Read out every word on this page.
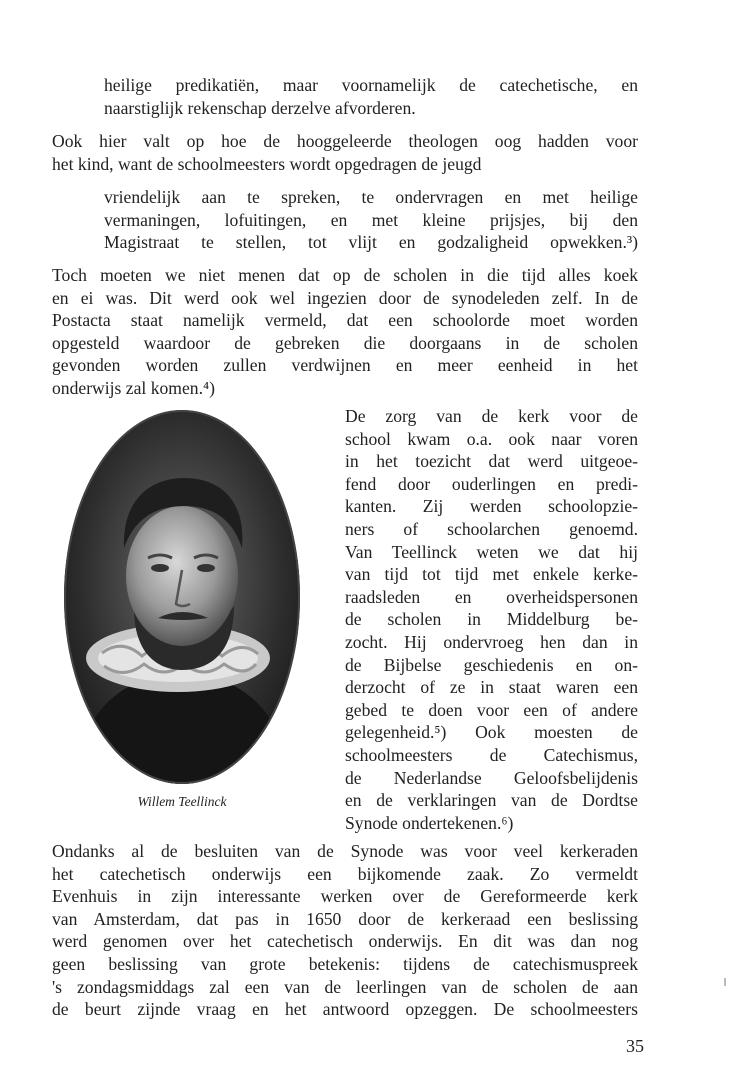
heilige predikatiën, maar voornamelijk de catechetische, en
naarstiglijk rekenschap derzelve afvorderen.
Ook hier valt op hoe de hooggeleerde theologen oog hadden voor
het kind, want de schoolmeesters wordt opgedragen de jeugd
vriendelijk aan te spreken, te ondervragen en met heilige
vermaningen, lofuitingen, en met kleine prijsjes, bij den
Magistraat te stellen, tot vlijt en godzaligheid opwekken.³)
Toch moeten we niet menen dat op de scholen in die tijd alles koek
en ei was. Dit werd ook wel ingezien door de synodeleden zelf. In de
Postacta staat namelijk vermeld, dat een schoolorde moet worden
opgesteld waardoor de gebreken die doorgaans in de scholen
gevonden worden zullen verdwijnen en meer eenheid in het
onderwijs zal komen.⁴)
Willem Teellinck
De zorg van de kerk voor de
school kwam o.a. ook naar voren
in het toezicht dat werd uitgeoe-
fend door ouderlingen en predi-
kanten. Zij werden schoolopzie-
ners of schoolarchen genoemd.
Van Teellinck weten we dat hij
van tijd tot tijd met enkele kerke-
raadsleden en overheidspersonen
de scholen in Middelburg be-
zocht. Hij ondervroeg hen dan in
de Bijbelse geschiedenis en on-
derzocht of ze in staat waren een
gebed te doen voor een of andere
gelegenheid.⁵) Ook moesten de
schoolmeesters de Catechismus,
de Nederlandse Geloofsbelijdenis
en de verklaringen van de Dordtse
Synode ondertekenen.⁶)
Ondanks al de besluiten van de Synode was voor veel kerkeraden
het catechetisch onderwijs een bijkomende zaak. Zo vermeldt
Evenhuis in zijn interessante werken over de Gereformeerde kerk
van Amsterdam, dat pas in 1650 door de kerkeraad een beslissing
werd genomen over het catechetisch onderwijs. En dit was dan nog
geen beslissing van grote betekenis: tijdens de catechismuspreek
's zondagsmiddags zal een van de leerlingen van de scholen de aan
de beurt zijnde vraag en het antwoord opzeggen. De schoolmeesters
35
